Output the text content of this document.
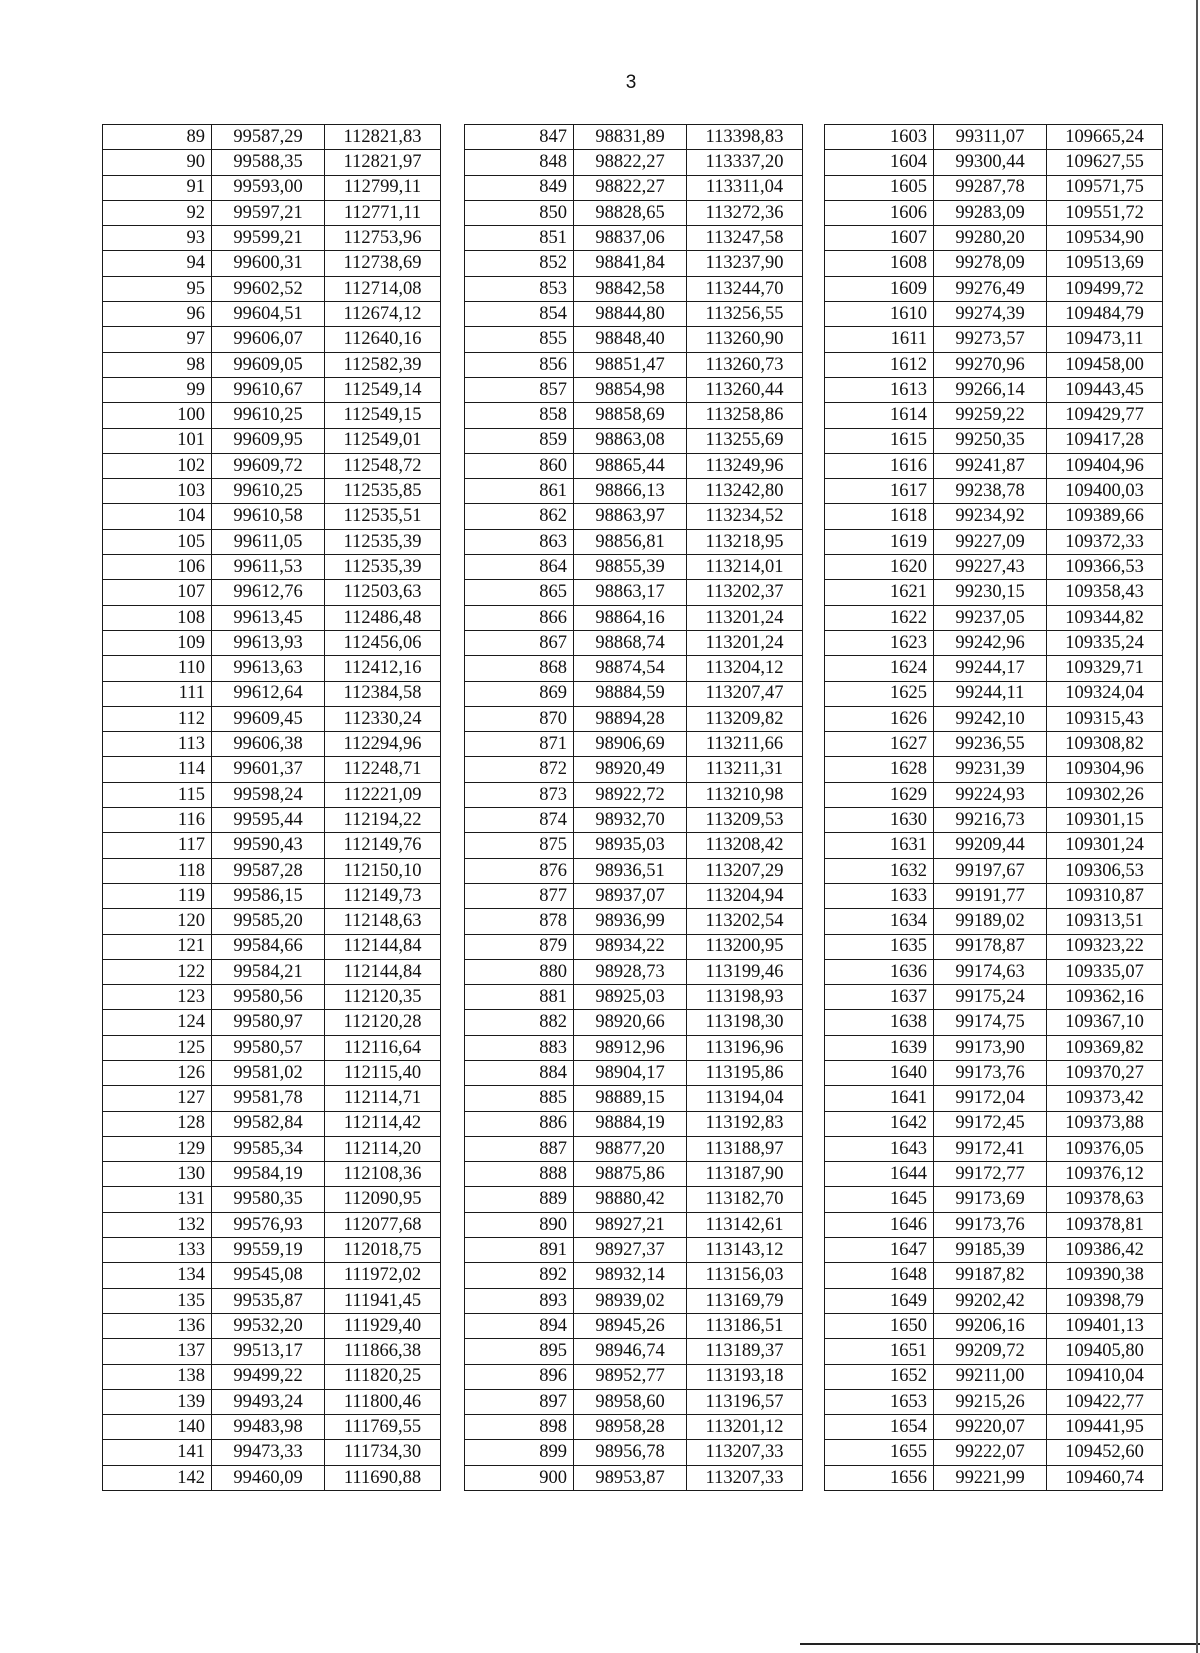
3
89	99587,29	112821,83
90	99588,35	112821,97
91	99593,00	112799,11
92	99597,21	112771,11
93	99599,21	112753,96
94	99600,31	112738,69
95	99602,52	112714,08
96	99604,51	112674,12
97	99606,07	112640,16
98	99609,05	112582,39
99	99610,67	112549,14
100	99610,25	112549,15
101	99609,95	112549,01
102	99609,72	112548,72
103	99610,25	112535,85
104	99610,58	112535,51
105	99611,05	112535,39
106	99611,53	112535,39
107	99612,76	112503,63
108	99613,45	112486,48
109	99613,93	112456,06
110	99613,63	112412,16
111	99612,64	112384,58
112	99609,45	112330,24
113	99606,38	112294,96
114	99601,37	112248,71
115	99598,24	112221,09
116	99595,44	112194,22
117	99590,43	112149,76
118	99587,28	112150,10
119	99586,15	112149,73
120	99585,20	112148,63
121	99584,66	112144,84
122	99584,21	112144,84
123	99580,56	112120,35
124	99580,97	112120,28
125	99580,57	112116,64
126	99581,02	112115,40
127	99581,78	112114,71
128	99582,84	112114,42
129	99585,34	112114,20
130	99584,19	112108,36
131	99580,35	112090,95
132	99576,93	112077,68
133	99559,19	112018,75
134	99545,08	111972,02
135	99535,87	111941,45
136	99532,20	111929,40
137	99513,17	111866,38
138	99499,22	111820,25
139	99493,24	111800,46
140	99483,98	111769,55
141	99473,33	111734,30
142	99460,09	111690,88
847	98831,89	113398,83
848	98822,27	113337,20
849	98822,27	113311,04
850	98828,65	113272,36
851	98837,06	113247,58
852	98841,84	113237,90
853	98842,58	113244,70
854	98844,80	113256,55
855	98848,40	113260,90
856	98851,47	113260,73
857	98854,98	113260,44
858	98858,69	113258,86
859	98863,08	113255,69
860	98865,44	113249,96
861	98866,13	113242,80
862	98863,97	113234,52
863	98856,81	113218,95
864	98855,39	113214,01
865	98863,17	113202,37
866	98864,16	113201,24
867	98868,74	113201,24
868	98874,54	113204,12
869	98884,59	113207,47
870	98894,28	113209,82
871	98906,69	113211,66
872	98920,49	113211,31
873	98922,72	113210,98
874	98932,70	113209,53
875	98935,03	113208,42
876	98936,51	113207,29
877	98937,07	113204,94
878	98936,99	113202,54
879	98934,22	113200,95
880	98928,73	113199,46
881	98925,03	113198,93
882	98920,66	113198,30
883	98912,96	113196,96
884	98904,17	113195,86
885	98889,15	113194,04
886	98884,19	113192,83
887	98877,20	113188,97
888	98875,86	113187,90
889	98880,42	113182,70
890	98927,21	113142,61
891	98927,37	113143,12
892	98932,14	113156,03
893	98939,02	113169,79
894	98945,26	113186,51
895	98946,74	113189,37
896	98952,77	113193,18
897	98958,60	113196,57
898	98958,28	113201,12
899	98956,78	113207,33
900	98953,87	113207,33
1603	99311,07	109665,24
1604	99300,44	109627,55
1605	99287,78	109571,75
1606	99283,09	109551,72
1607	99280,20	109534,90
1608	99278,09	109513,69
1609	99276,49	109499,72
1610	99274,39	109484,79
1611	99273,57	109473,11
1612	99270,96	109458,00
1613	99266,14	109443,45
1614	99259,22	109429,77
1615	99250,35	109417,28
1616	99241,87	109404,96
1617	99238,78	109400,03
1618	99234,92	109389,66
1619	99227,09	109372,33
1620	99227,43	109366,53
1621	99230,15	109358,43
1622	99237,05	109344,82
1623	99242,96	109335,24
1624	99244,17	109329,71
1625	99244,11	109324,04
1626	99242,10	109315,43
1627	99236,55	109308,82
1628	99231,39	109304,96
1629	99224,93	109302,26
1630	99216,73	109301,15
1631	99209,44	109301,24
1632	99197,67	109306,53
1633	99191,77	109310,87
1634	99189,02	109313,51
1635	99178,87	109323,22
1636	99174,63	109335,07
1637	99175,24	109362,16
1638	99174,75	109367,10
1639	99173,90	109369,82
1640	99173,76	109370,27
1641	99172,04	109373,42
1642	99172,45	109373,88
1643	99172,41	109376,05
1644	99172,77	109376,12
1645	99173,69	109378,63
1646	99173,76	109378,81
1647	99185,39	109386,42
1648	99187,82	109390,38
1649	99202,42	109398,79
1650	99206,16	109401,13
1651	99209,72	109405,80
1652	99211,00	109410,04
1653	99215,26	109422,77
1654	99220,07	109441,95
1655	99222,07	109452,60
1656	99221,99	109460,74
